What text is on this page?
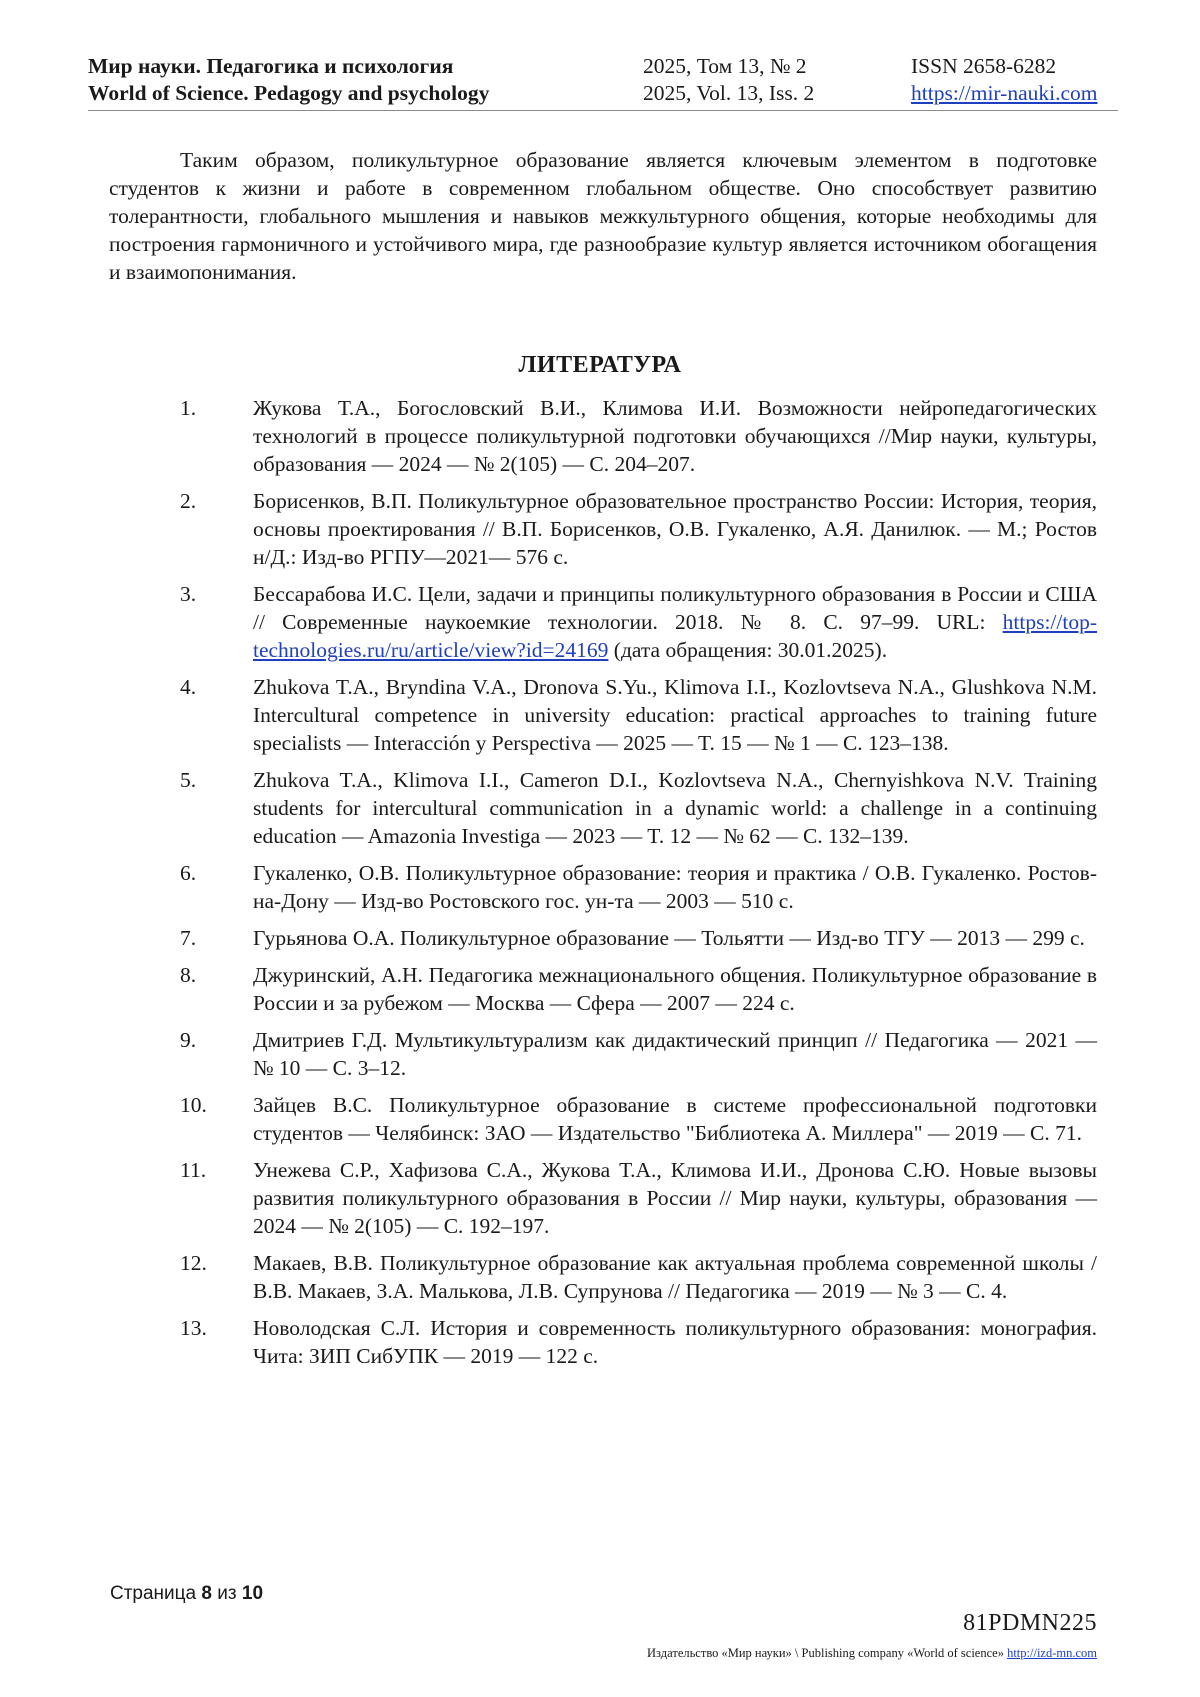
Мир науки. Педагогика и психология	2025, Том 13, № 2	ISSN 2658-6282
World of Science. Pedagogy and psychology	2025, Vol. 13, Iss. 2	https://mir-nauki.com

Таким образом, поликультурное образование является ключевым элементом в подготовке студентов к жизни и работе в современном глобальном обществе. Оно способствует развитию толерантности, глобального мышления и навыков межкультурного общения, которые необходимы для построения гармоничного и устойчивого мира, где разнообразие культур является источником обогащения и взаимопонимания.

ЛИТЕРАТУРА
1.	Жукова Т.А., Богословский В.И., Климова И.И. Возможности нейропедагогических технологий в процессе поликультурной подготовки обучающихся //Мир науки, культуры, образования — 2024 — № 2(105) — С. 204–207.
2.	Борисенков, В.П. Поликультурное образовательное пространство России: История, теория, основы проектирования // В.П. Борисенков, О.В. Гукаленко, А.Я. Данилюк. — М.; Ростов н/Д.: Изд-во РГПУ—2021— 576 с.
3.	Бессарабова И.С. Цели, задачи и принципы поликультурного образования в России и США // Современные наукоемкие технологии. 2018. № 8. С. 97–99. URL: https://top-technologies.ru/ru/article/view?id=24169 (дата обращения: 30.01.2025).
4.	Zhukova T.A., Bryndina V.A., Dronova S.Yu., Klimova I.I., Kozlovtseva N.A., Glushkova N.M. Intercultural competence in university education: practical approaches to training future specialists — Interacción y Perspectiva — 2025 — T. 15 — № 1 — С. 123–138.
5.	Zhukova T.A., Klimova I.I., Cameron D.I., Kozlovtseva N.A., Chernyishkova N.V. Training students for intercultural communication in a dynamic world: a challenge in a continuing education — Amazonia Investiga — 2023 — T. 12 — № 62 — С. 132–139.
6.	Гукаленко, О.В. Поликультурное образование: теория и практика / О.В. Гукаленко. Ростов-на-Дону — Изд-во Ростовского гос. ун-та — 2003 — 510 с.
7.	Гурьянова О.А. Поликультурное образование — Тольятти — Изд-во ТГУ — 2013 — 299 с.
8.	Джуринский, А.Н. Педагогика межнационального общения. Поликультурное образование в России и за рубежом — Москва — Сфера — 2007 — 224 с.
9.	Дмитриев Г.Д. Мультикультурализм как дидактический принцип // Педагогика — 2021 — № 10 — С. 3–12.
10. Зайцев В.С. Поликультурное образование в системе профессиональной подготовки студентов — Челябинск: ЗАО — Издательство "Библиотека А. Миллера" — 2019 — С. 71.
11. Унежева С.Р., Хафизова С.А., Жукова Т.А., Климова И.И., Дронова С.Ю. Новые вызовы развития поликультурного образования в России // Мир науки, культуры, образования — 2024 — № 2(105) — С. 192–197.
12. Макаев, В.В. Поликультурное образование как актуальная проблема современной школы / В.В. Макаев, З.А. Малькова, Л.В. Супрунова // Педагогика — 2019 — № 3 — С. 4.
13. Новолодская С.Л. История и современность поликультурного образования: монография. Чита: ЗИП СибУПК — 2019 — 122 с.
Страница 8 из 10
81PDMN225
Издательство «Мир науки» \ Publishing company «World of science» http://izd-mn.com
